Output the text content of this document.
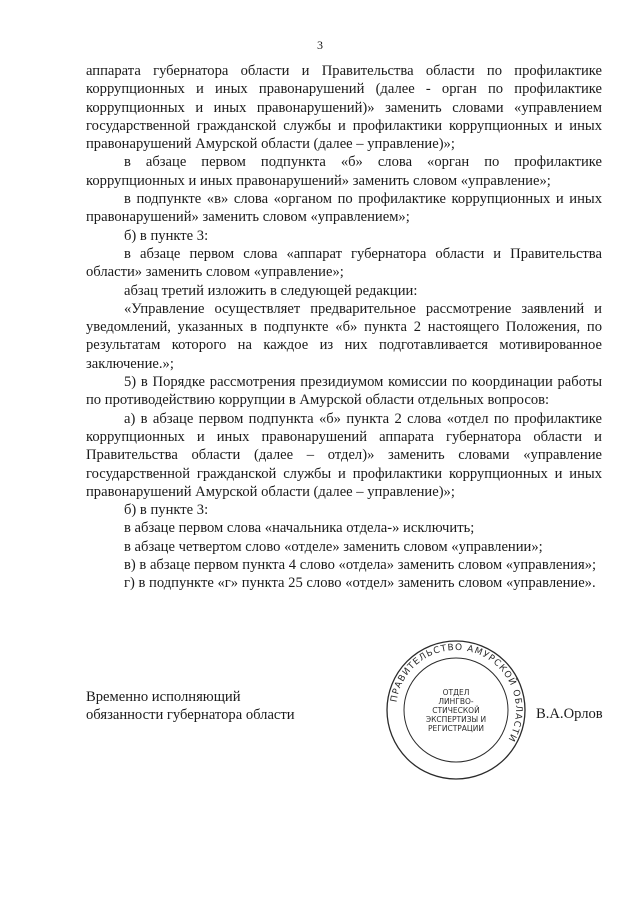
3

аппарата губернатора области и Правительства области по профилактике коррупционных и иных правонарушений (далее - орган по профилактике коррупционных и иных правонарушений)» заменить словами «управлением государственной гражданской службы и профилактики коррупционных и иных правонарушений Амурской области (далее – управление)»;

в абзаце первом подпункта «б» слова «орган по профилактике коррупционных и иных правонарушений» заменить словом «управление»;

в подпункте «в» слова «органом по профилактике коррупционных и иных правонарушений» заменить словом «управлением»;

б) в пункте 3:

в абзаце первом слова «аппарат губернатора области и Правительства области» заменить словом «управление»;

абзац третий изложить в следующей редакции:

«Управление осуществляет предварительное рассмотрение заявлений и уведомлений, указанных в подпункте «б» пункта 2 настоящего Положения, по результатам которого на каждое из них подготавливается мотивированное заключение.»;

5) в Порядке рассмотрения президиумом комиссии по координации работы по противодействию коррупции в Амурской области отдельных вопросов:

а) в абзаце первом подпункта «б» пункта 2 слова «отдел по профилактике коррупционных и иных правонарушений аппарата губернатора области и Правительства области (далее – отдел)» заменить словами «управление государственной гражданской службы и профилактики коррупционных и иных правонарушений Амурской области (далее – управление)»;

б) в пункте 3:

в абзаце первом слова «начальника отдела-» исключить;

в абзаце четвертом слово «отделе» заменить словом «управлении»;

в) в абзаце первом пункта 4 слово «отдела» заменить словом «управления»;

г) в подпункте «г» пункта 25 слово «отдел» заменить словом «управление».

Временно исполняющий
обязанности губернатора области
ПРАВИТЕЛЬСТВО АМУРСКОЙ ОБЛАСТИ
ОТДЕЛ
ЛИНГВО-
СТИЧЕСКОЙ
ЭКСПЕРТИЗЫ И
РЕГИСТРАЦИИ
В.А.Орлов
